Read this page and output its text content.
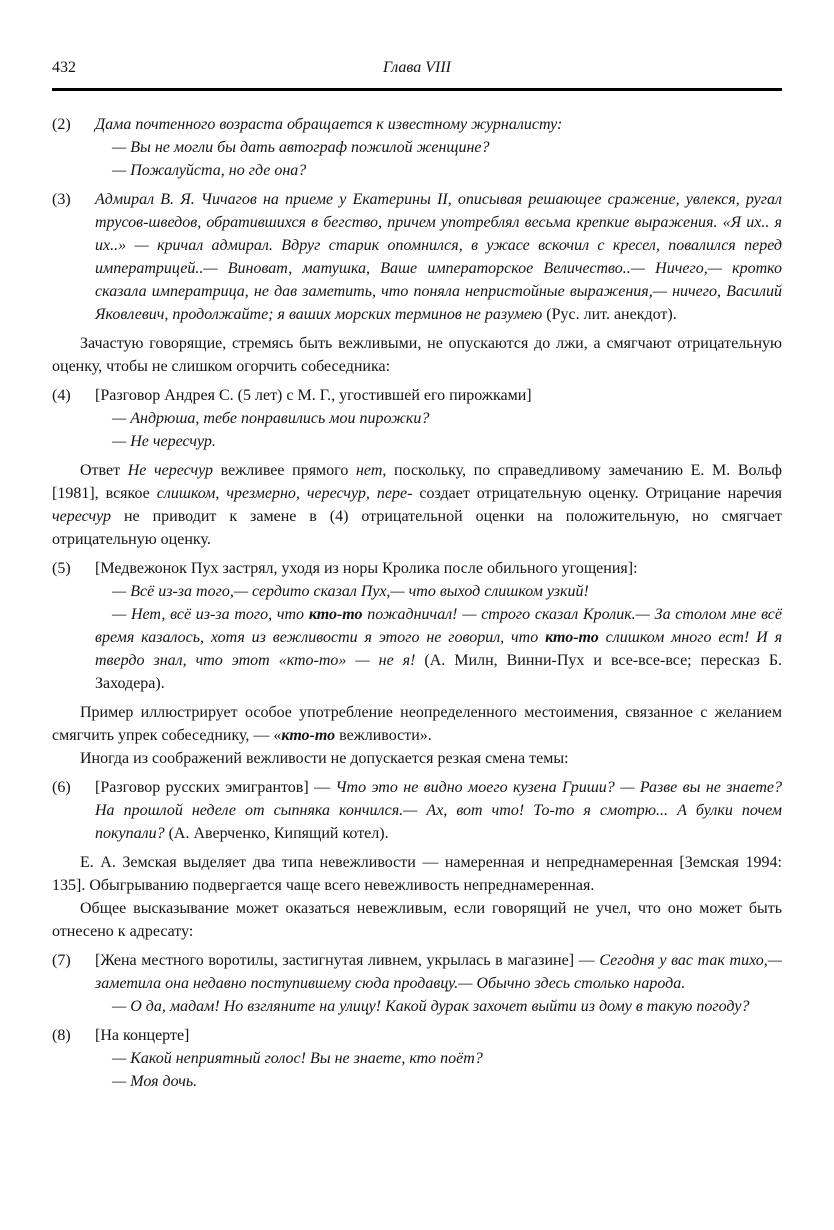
432	Глава VIII
(2)	Дама почтенного возраста обращается к известному журналисту:

— Вы не могли бы дать автограф пожилой женщине?

— Пожалуйста, но где она?

(3)	Адмирал В. Я. Чичагов на приеме у Екатерины II, описывая решающее сражение, увлекся, ругал трусов-шведов, обратившихся в бегство, причем употреблял весьма крепкие выражения. «Я их.. я их..» — кричал адмирал. Вдруг старик опомнился, в ужасе вскочил с кресел, повалился перед императрицей..— Виноват, матушка, Ваше императорское Величество..— Ничего,— кротко сказала императрица, не дав заметить, что поняла непристойные выражения,— ничего, Василий Яковлевич, продолжайте; я ваших морских терминов не разумею (Рус. лит. анекдот).

Зачастую говорящие, стремясь быть вежливыми, не опускаются до лжи, а смягчают отрицательную оценку, чтобы не слишком огорчить собеседника:

(4)	[Разговор Андрея С. (5 лет) с М. Г., угостившей его пирожками]

— Андрюша, тебе понравились мои пирожки?

— Не чересчур.

Ответ Не чересчур вежливее прямого нет, поскольку, по справедливому замечанию Е. М. Вольф [1981], всякое слишком, чрезмерно, чересчур, пере- создает отрицательную оценку. Отрицание наречия чересчур не приводит к замене в (4) отрицательной оценки на положительную, но смягчает отрицательную оценку.

(5)	[Медвежонок Пух застрял, уходя из норы Кролика после обильного угощения]:

— Всё из-за того,— сердито сказал Пух,— что выход слишком узкий!

— Нет, всё из-за того, что кто-то пожадничал! — строго сказал Кролик.— За столом мне всё время казалось, хотя из вежливости я этого не говорил, что кто-то слишком много ест! И я твердо знал, что этот «кто-то» — не я! (А. Милн, Винни-Пух и все-все-все; пересказ Б. Заходера).

Пример иллюстрирует особое употребление неопределенного местоимения, связанное с желанием смягчить упрек собеседнику, — «кто-то вежливости».

Иногда из соображений вежливости не допускается резкая смена темы:

(6)	[Разговор русских эмигрантов] — Что это не видно моего кузена Гриши? — Разве вы не знаете? На прошлой неделе от сыпняка кончился.— Ах, вот что! То-то я смотрю... А булки почем покупали? (А. Аверченко, Кипящий котел).

Е. А. Земская выделяет два типа невежливости — намеренная и непреднамеренная [Земская 1994: 135]. Обыгрыванию подвергается чаще всего невежливость непреднамеренная.

Общее высказывание может оказаться невежливым, если говорящий не учел, что оно может быть отнесено к адресату:

(7)	[Жена местного воротилы, застигнутая ливнем, укрылась в магазине] — Сегодня у вас так тихо,— заметила она недавно поступившему сюда продавцу.— Обычно здесь столько народа.

— О да, мадам! Но взгляните на улицу! Какой дурак захочет выйти из дому в такую погоду?

(8)	[На концерте]

— Какой неприятный голос! Вы не знаете, кто поёт?

— Моя дочь.
